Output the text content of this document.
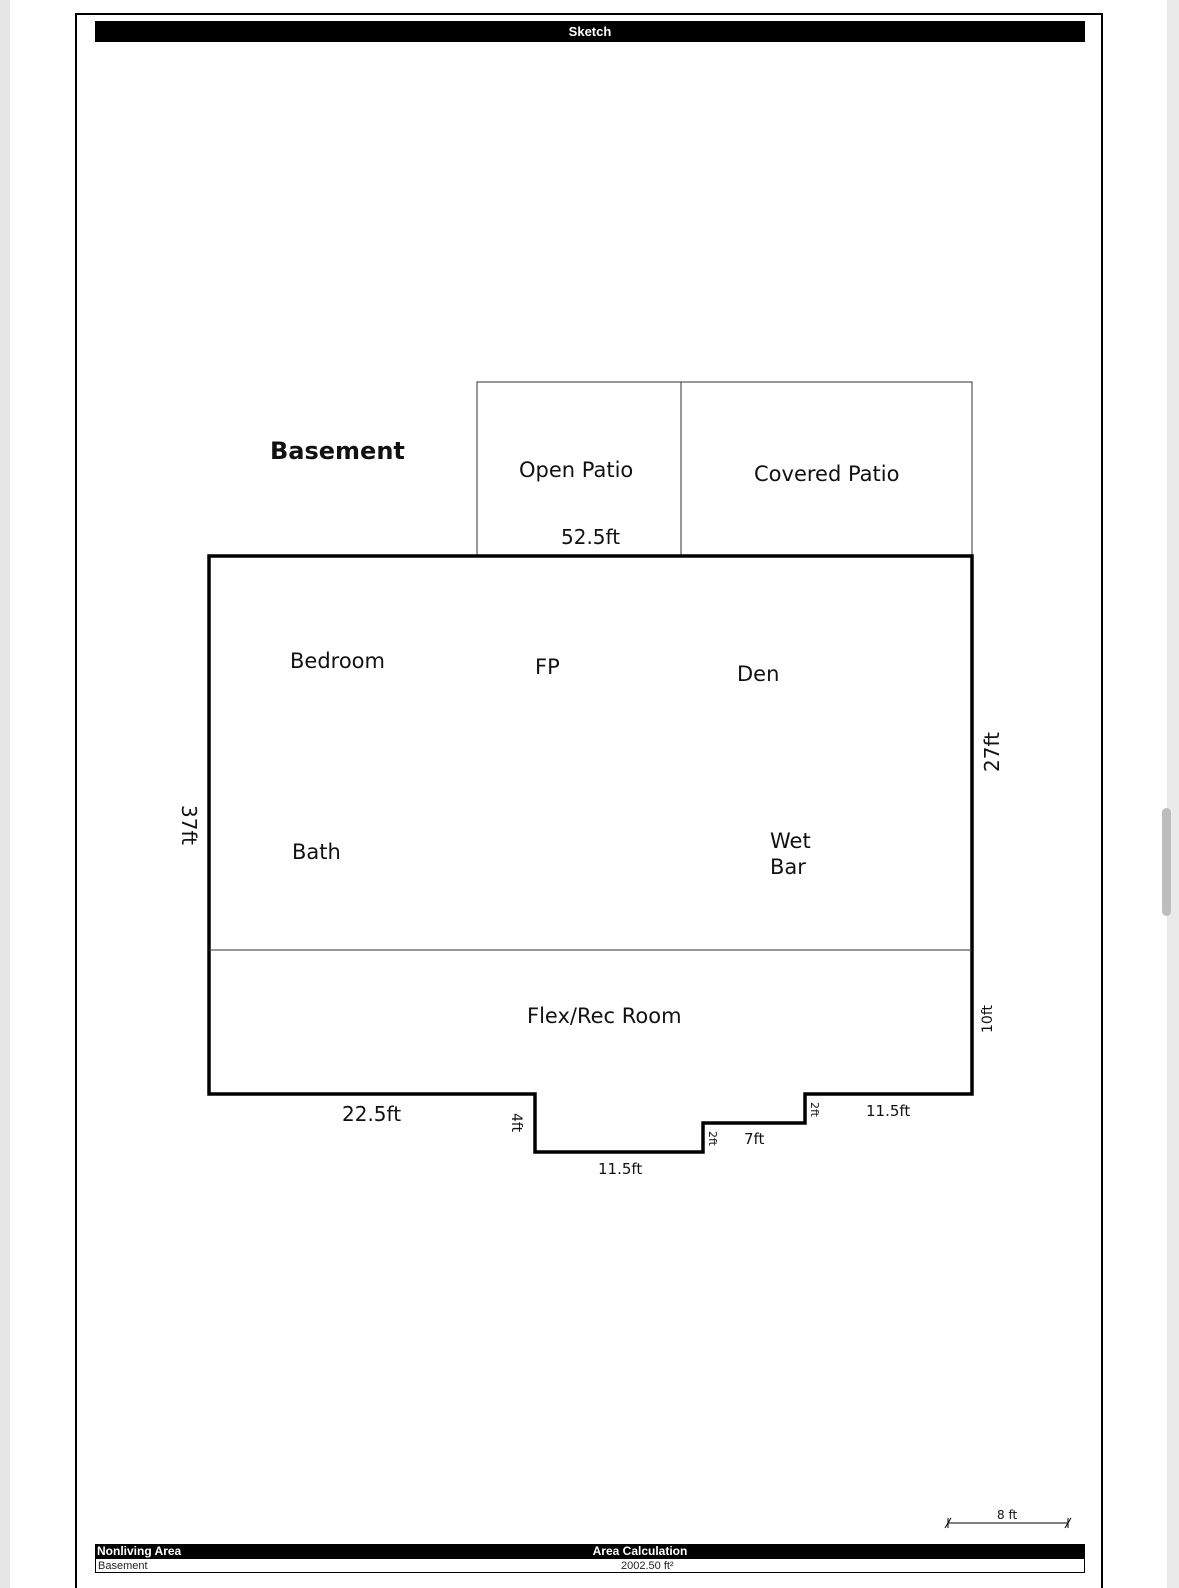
Sketch
Basement
Open Patio	Covered Patio
52.5ft
Bedroom	FP	Den
Bath	Wet
Bar
Flex/Rec Room
37ft
27ft
10ft
22.5ft	4ft
11.5ft
2ft 7ft
2ft	11.5ft
8 ft
Nonliving Area	Area Calculation
Basement	2002.50 ft²
